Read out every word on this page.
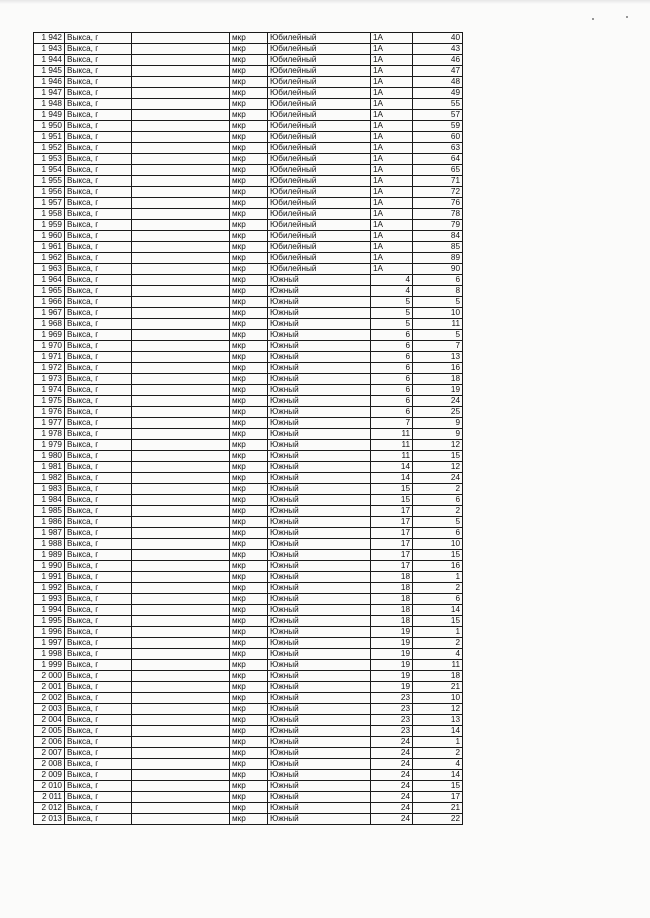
1 942	Выкса, г		мкр	Юбилейный	1А	40
1 943	Выкса, г		мкр	Юбилейный	1А	43
1 944	Выкса, г		мкр	Юбилейный	1А	46
1 945	Выкса, г		мкр	Юбилейный	1А	47
1 946	Выкса, г		мкр	Юбилейный	1А	48
1 947	Выкса, г		мкр	Юбилейный	1А	49
1 948	Выкса, г		мкр	Юбилейный	1А	55
1 949	Выкса, г		мкр	Юбилейный	1А	57
1 950	Выкса, г		мкр	Юбилейный	1А	59
1 951	Выкса, г		мкр	Юбилейный	1А	60
1 952	Выкса, г		мкр	Юбилейный	1А	63
1 953	Выкса, г		мкр	Юбилейный	1А	64
1 954	Выкса, г		мкр	Юбилейный	1А	65
1 955	Выкса, г		мкр	Юбилейный	1А	71
1 956	Выкса, г		мкр	Юбилейный	1А	72
1 957	Выкса, г		мкр	Юбилейный	1А	76
1 958	Выкса, г		мкр	Юбилейный	1А	78
1 959	Выкса, г		мкр	Юбилейный	1А	79
1 960	Выкса, г		мкр	Юбилейный	1А	84
1 961	Выкса, г		мкр	Юбилейный	1А	85
1 962	Выкса, г		мкр	Юбилейный	1А	89
1 963	Выкса, г		мкр	Юбилейный	1А	90
1 964	Выкса, г		мкр	Южный	4	6
1 965	Выкса, г		мкр	Южный	4	8
1 966	Выкса, г		мкр	Южный	5	5
1 967	Выкса, г		мкр	Южный	5	10
1 968	Выкса, г		мкр	Южный	5	11
1 969	Выкса, г		мкр	Южный	6	5
1 970	Выкса, г		мкр	Южный	6	7
1 971	Выкса, г		мкр	Южный	6	13
1 972	Выкса, г		мкр	Южный	6	16
1 973	Выкса, г		мкр	Южный	6	18
1 974	Выкса, г		мкр	Южный	6	19
1 975	Выкса, г		мкр	Южный	6	24
1 976	Выкса, г		мкр	Южный	6	25
1 977	Выкса, г		мкр	Южный	7	9
1 978	Выкса, г		мкр	Южный	11	9
1 979	Выкса, г		мкр	Южный	11	12
1 980	Выкса, г		мкр	Южный	11	15
1 981	Выкса, г		мкр	Южный	14	12
1 982	Выкса, г		мкр	Южный	14	24
1 983	Выкса, г		мкр	Южный	15	2
1 984	Выкса, г		мкр	Южный	15	6
1 985	Выкса, г		мкр	Южный	17	2
1 986	Выкса, г		мкр	Южный	17	5
1 987	Выкса, г		мкр	Южный	17	6
1 988	Выкса, г		мкр	Южный	17	10
1 989	Выкса, г		мкр	Южный	17	15
1 990	Выкса, г		мкр	Южный	17	16
1 991	Выкса, г		мкр	Южный	18	1
1 992	Выкса, г		мкр	Южный	18	2
1 993	Выкса, г		мкр	Южный	18	6
1 994	Выкса, г		мкр	Южный	18	14
1 995	Выкса, г		мкр	Южный	18	15
1 996	Выкса, г		мкр	Южный	19	1
1 997	Выкса, г		мкр	Южный	19	2
1 998	Выкса, г		мкр	Южный	19	4
1 999	Выкса, г		мкр	Южный	19	11
2 000	Выкса, г		мкр	Южный	19	18
2 001	Выкса, г		мкр	Южный	19	21
2 002	Выкса, г		мкр	Южный	23	10
2 003	Выкса, г		мкр	Южный	23	12
2 004	Выкса, г		мкр	Южный	23	13
2 005	Выкса, г		мкр	Южный	23	14
2 006	Выкса, г		мкр	Южный	24	1
2 007	Выкса, г		мкр	Южный	24	2
2 008	Выкса, г		мкр	Южный	24	4
2 009	Выкса, г		мкр	Южный	24	14
2 010	Выкса, г		мкр	Южный	24	15
2 011	Выкса, г		мкр	Южный	24	17
2 012	Выкса, г		мкр	Южный	24	21
2 013	Выкса, г		мкр	Южный	24	22
